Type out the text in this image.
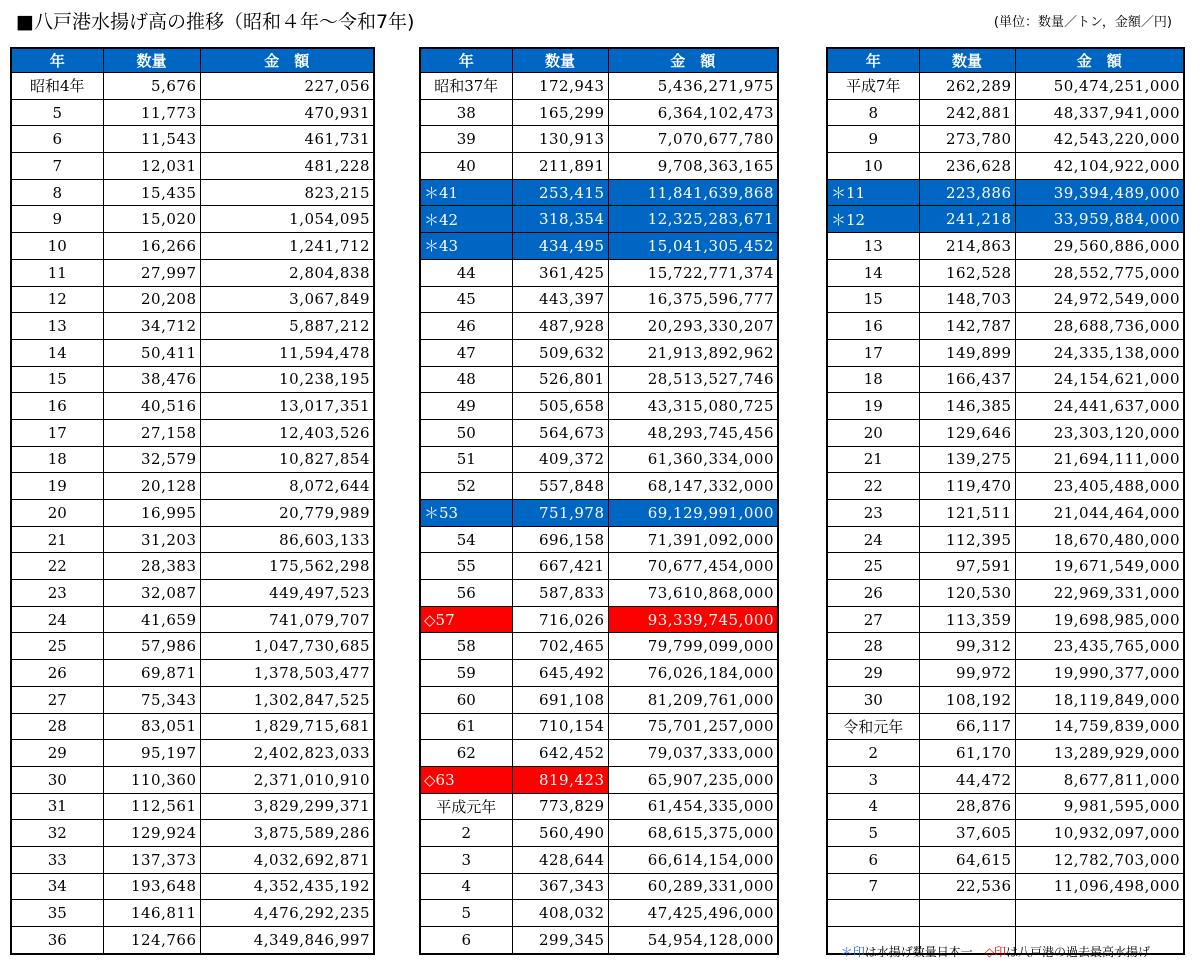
■八戸港水揚げ高の推移（昭和４年～令和7年)	(単位：数量／トン，金額／円)
年	数量	金　額
昭和4年	5,676	227,056
5	11,773	470,931
6	11,543	461,731
7	12,031	481,228
8	15,435	823,215
9	15,020	1,054,095
10	16,266	1,241,712
11	27,997	2,804,838
12	20,208	3,067,849
13	34,712	5,887,212
14	50,411	11,594,478
15	38,476	10,238,195
16	40,516	13,017,351
17	27,158	12,403,526
18	32,579	10,827,854
19	20,128	8,072,644
20	16,995	20,779,989
21	31,203	86,603,133
22	28,383	175,562,298
23	32,087	449,497,523
24	41,659	741,079,707
25	57,986	1,047,730,685
26	69,871	1,378,503,477
27	75,343	1,302,847,525
28	83,051	1,829,715,681
29	95,197	2,402,823,033
30	110,360	2,371,010,910
31	112,561	3,829,299,371
32	129,924	3,875,589,286
33	137,373	4,032,692,871
34	193,648	4,352,435,192
35	146,811	4,476,292,235
36	124,766	4,349,846,997
年	数量	金　額
昭和37年	172,943	5,436,271,975
38	165,299	6,364,102,473
39	130,913	7,070,677,780
40	211,891	9,708,363,165
＊41	253,415	11,841,639,868
＊42	318,354	12,325,283,671
＊43	434,495	15,041,305,452
44	361,425	15,722,771,374
45	443,397	16,375,596,777
46	487,928	20,293,330,207
47	509,632	21,913,892,962
48	526,801	28,513,527,746
49	505,658	43,315,080,725
50	564,673	48,293,745,456
51	409,372	61,360,334,000
52	557,848	68,147,332,000
＊53	751,978	69,129,991,000
54	696,158	71,391,092,000
55	667,421	70,677,454,000
56	587,833	73,610,868,000
◇57	716,026	93,339,745,000
58	702,465	79,799,099,000
59	645,492	76,026,184,000
60	691,108	81,209,761,000
61	710,154	75,701,257,000
62	642,452	79,037,333,000
◇63	819,423	65,907,235,000
平成元年	773,829	61,454,335,000
2	560,490	68,615,375,000
3	428,644	66,614,154,000
4	367,343	60,289,331,000
5	408,032	47,425,496,000
6	299,345	54,954,128,000
年	数量	金　額
平成7年	262,289	50,474,251,000
8	242,881	48,337,941,000
9	273,780	42,543,220,000
10	236,628	42,104,922,000
＊11	223,886	39,394,489,000
＊12	241,218	33,959,884,000
13	214,863	29,560,886,000
14	162,528	28,552,775,000
15	148,703	24,972,549,000
16	142,787	28,688,736,000
17	149,899	24,335,138,000
18	166,437	24,154,621,000
19	146,385	24,441,637,000
20	129,646	23,303,120,000
21	139,275	21,694,111,000
22	119,470	23,405,488,000
23	121,511	21,044,464,000
24	112,395	18,670,480,000
25	97,591	19,671,549,000
26	120,530	22,969,331,000
27	113,359	19,698,985,000
28	99,312	23,435,765,000
29	99,972	19,990,377,000
30	108,192	18,119,849,000
令和元年	66,117	14,759,839,000
2	61,170	13,289,929,000
3	44,472	8,677,811,000
4	28,876	9,981,595,000
5	37,605	10,932,097,000
6	64,615	12,782,703,000
7	22,536	11,096,498,000

＊印は水揚げ数量日本一　 ◇印は八戸港の過去最高水揚げ
